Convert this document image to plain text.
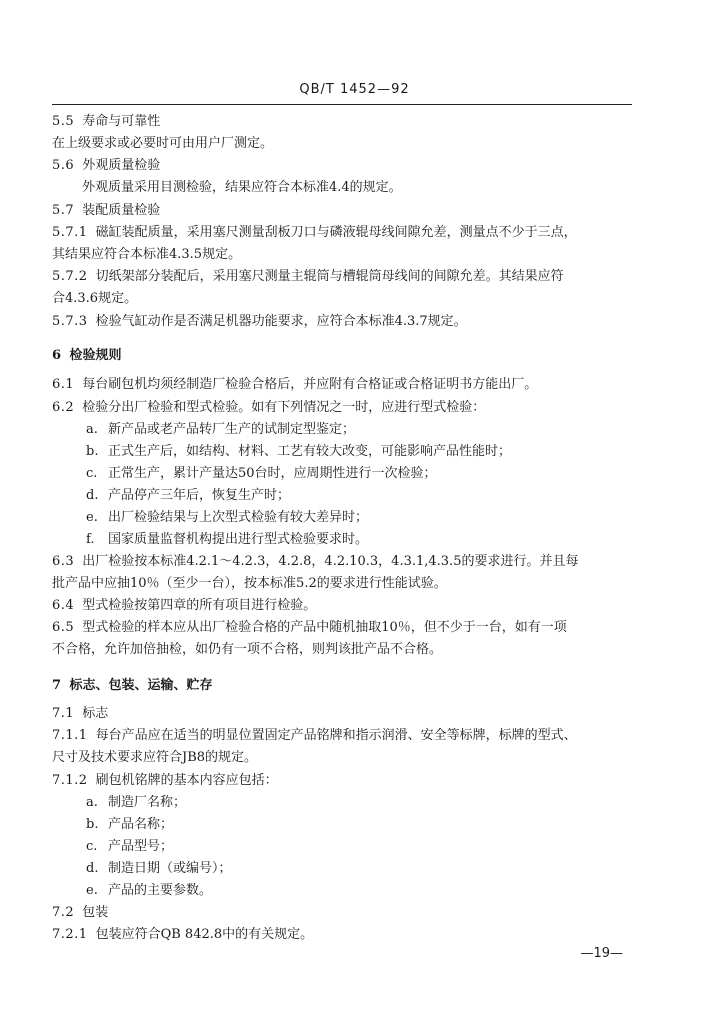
QB/T 1452—92
5.5 寿命与可靠性
在上级要求或必要时可由用户厂测定。
5.6 外观质量检验
外观质量采用目测检验，结果应符合本标准4.4的规定。
5.7 装配质量检验
5.7.1 磁缸装配质量，采用塞尺测量刮板刀口与磷液辊母线间隙允差，测量点不少于三点，
其结果应符合本标准4.3.5规定。
5.7.2 切纸架部分装配后，采用塞尺测量主辊筒与槽辊筒母线间的间隙允差。其结果应符
合4.3.6规定。
5.7.3 检验气缸动作是否满足机器功能要求，应符合本标准4.3.7规定。
6 检验规则
6.1 每台刷包机均须经制造厂检验合格后，并应附有合格证或合格证明书方能出厂。
6.2 检验分出厂检验和型式检验。如有下列情况之一时，应进行型式检验：
a. 新产品或老产品转厂生产的试制定型鉴定；
b. 正式生产后，如结构、材料、工艺有较大改变，可能影响产品性能时；
c. 正常生产，累计产量达50台时，应周期性进行一次检验；
d. 产品停产三年后，恢复生产时；
e. 出厂检验结果与上次型式检验有较大差异时；
f. 国家质量监督机构提出进行型式检验要求时。
6.3 出厂检验按本标准4.2.1～4.2.3，4.2.8，4.2.10.3，4.3.1,4.3.5的要求进行。并且每
批产品中应抽10％（至少一台），按本标准5.2的要求进行性能试验。
6.4 型式检验按第四章的所有项目进行检验。
6.5 型式检验的样本应从出厂检验合格的产品中随机抽取10％，但不少于一台，如有一项
不合格，允许加倍抽检，如仍有一项不合格，则判该批产品不合格。
7 标志、包装、运输、贮存
7.1 标志
7.1.1 每台产品应在适当的明显位置固定产品铭牌和指示润滑、安全等标牌，标牌的型式、
尺寸及技术要求应符合JB8的规定。
7.1.2 刷包机铭牌的基本内容应包括：
a. 制造厂名称；
b. 产品名称；
c. 产品型号；
d. 制造日期（或编号）；
e. 产品的主要参数。
7.2 包装
7.2.1 包装应符合QB 842.8中的有关规定。
—19—
